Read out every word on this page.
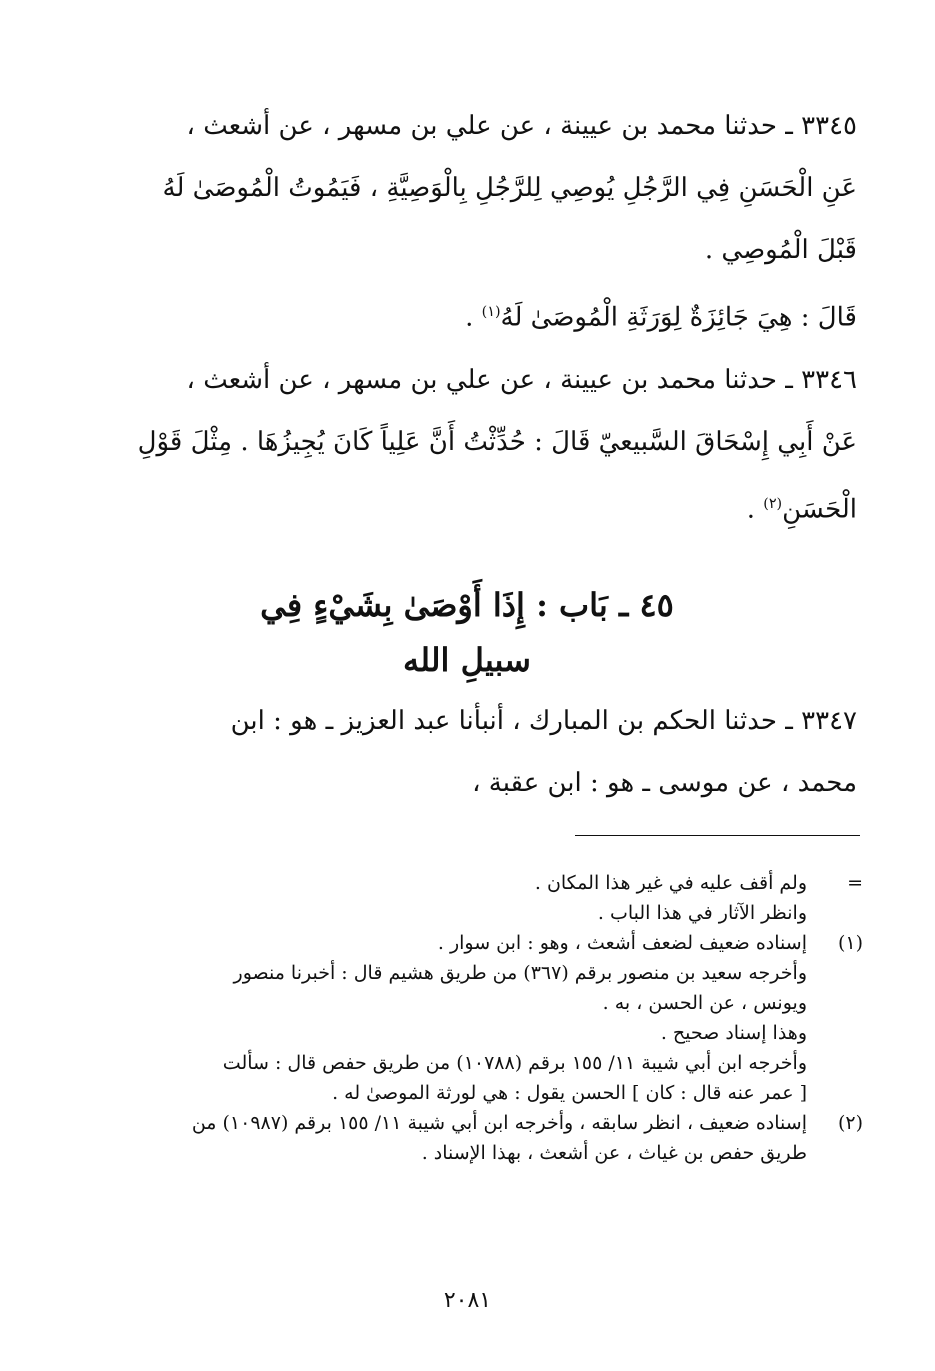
٣٣٤٥ ـ حدثنا محمد بن عيينة ، عن علي بن مسهر ، عن أشعث ،
عَنِ الْحَسَنِ فِي الرَّجُلِ يُوصِي لِلرَّجُلِ بِالْوَصِيَّةِ ، فَيَمُوتُ الْمُوصَىٰ لَهُ
قَبْلَ الْمُوصِي .
قَالَ : هِيَ جَائِزَةٌ لِوَرَثَةِ الْمُوصَىٰ لَهُ$^{(١)}$ .
٣٣٤٦ ـ حدثنا محمد بن عيينة ، عن علي بن مسهر ، عن أشعث ،
عَنْ أَبِي إِسْحَاقَ السَّبيعيّ قَالَ : حُدِّثْتُ أَنَّ عَلِياً كَانَ يُجِيزُهَا . مِثْلَ قَوْلِ
الْحَسَنِ$^{(٢)}$ .

٤٥ ـ بَاب : إِذَا أَوْصَىٰ بِشَيْءٍ فِي

سبيلِ الله

٣٣٤٧ ـ حدثنا الحكم بن المبارك ، أنبأنا عبد العزيز ـ هو : ابن
محمد ، عن موسى ـ هو : ابن عقبة ،
=
ولم أقف عليه في غير هذا المكان .
وانظر الآثار في هذا الباب .
(١)
إسناده ضعيف لضعف أشعث ، وهو : ابن سوار .
وأخرجه سعيد بن منصور برقم (٣٦٧) من طريق هشيم قال : أخبرنا منصور
ويونس ، عن الحسن ، به .
وهذا إسناد صحيح .
وأخرجه ابن أبي شيبة ١١/ ١٥٥ برقم (١٠٧٨٨) من طريق حفص قال : سألت
[ عمر عنه قال : كان ] الحسن يقول : هي لورثة الموصىٰ له .
(٢)
إسناده ضعيف ، انظر سابقه ، وأخرجه ابن أبي شيبة ١١/ ١٥٥ برقم (١٠٩٨٧) من
طريق حفص بن غياث ، عن أشعث ، بهذا الإسناد .
٢٠٨١
